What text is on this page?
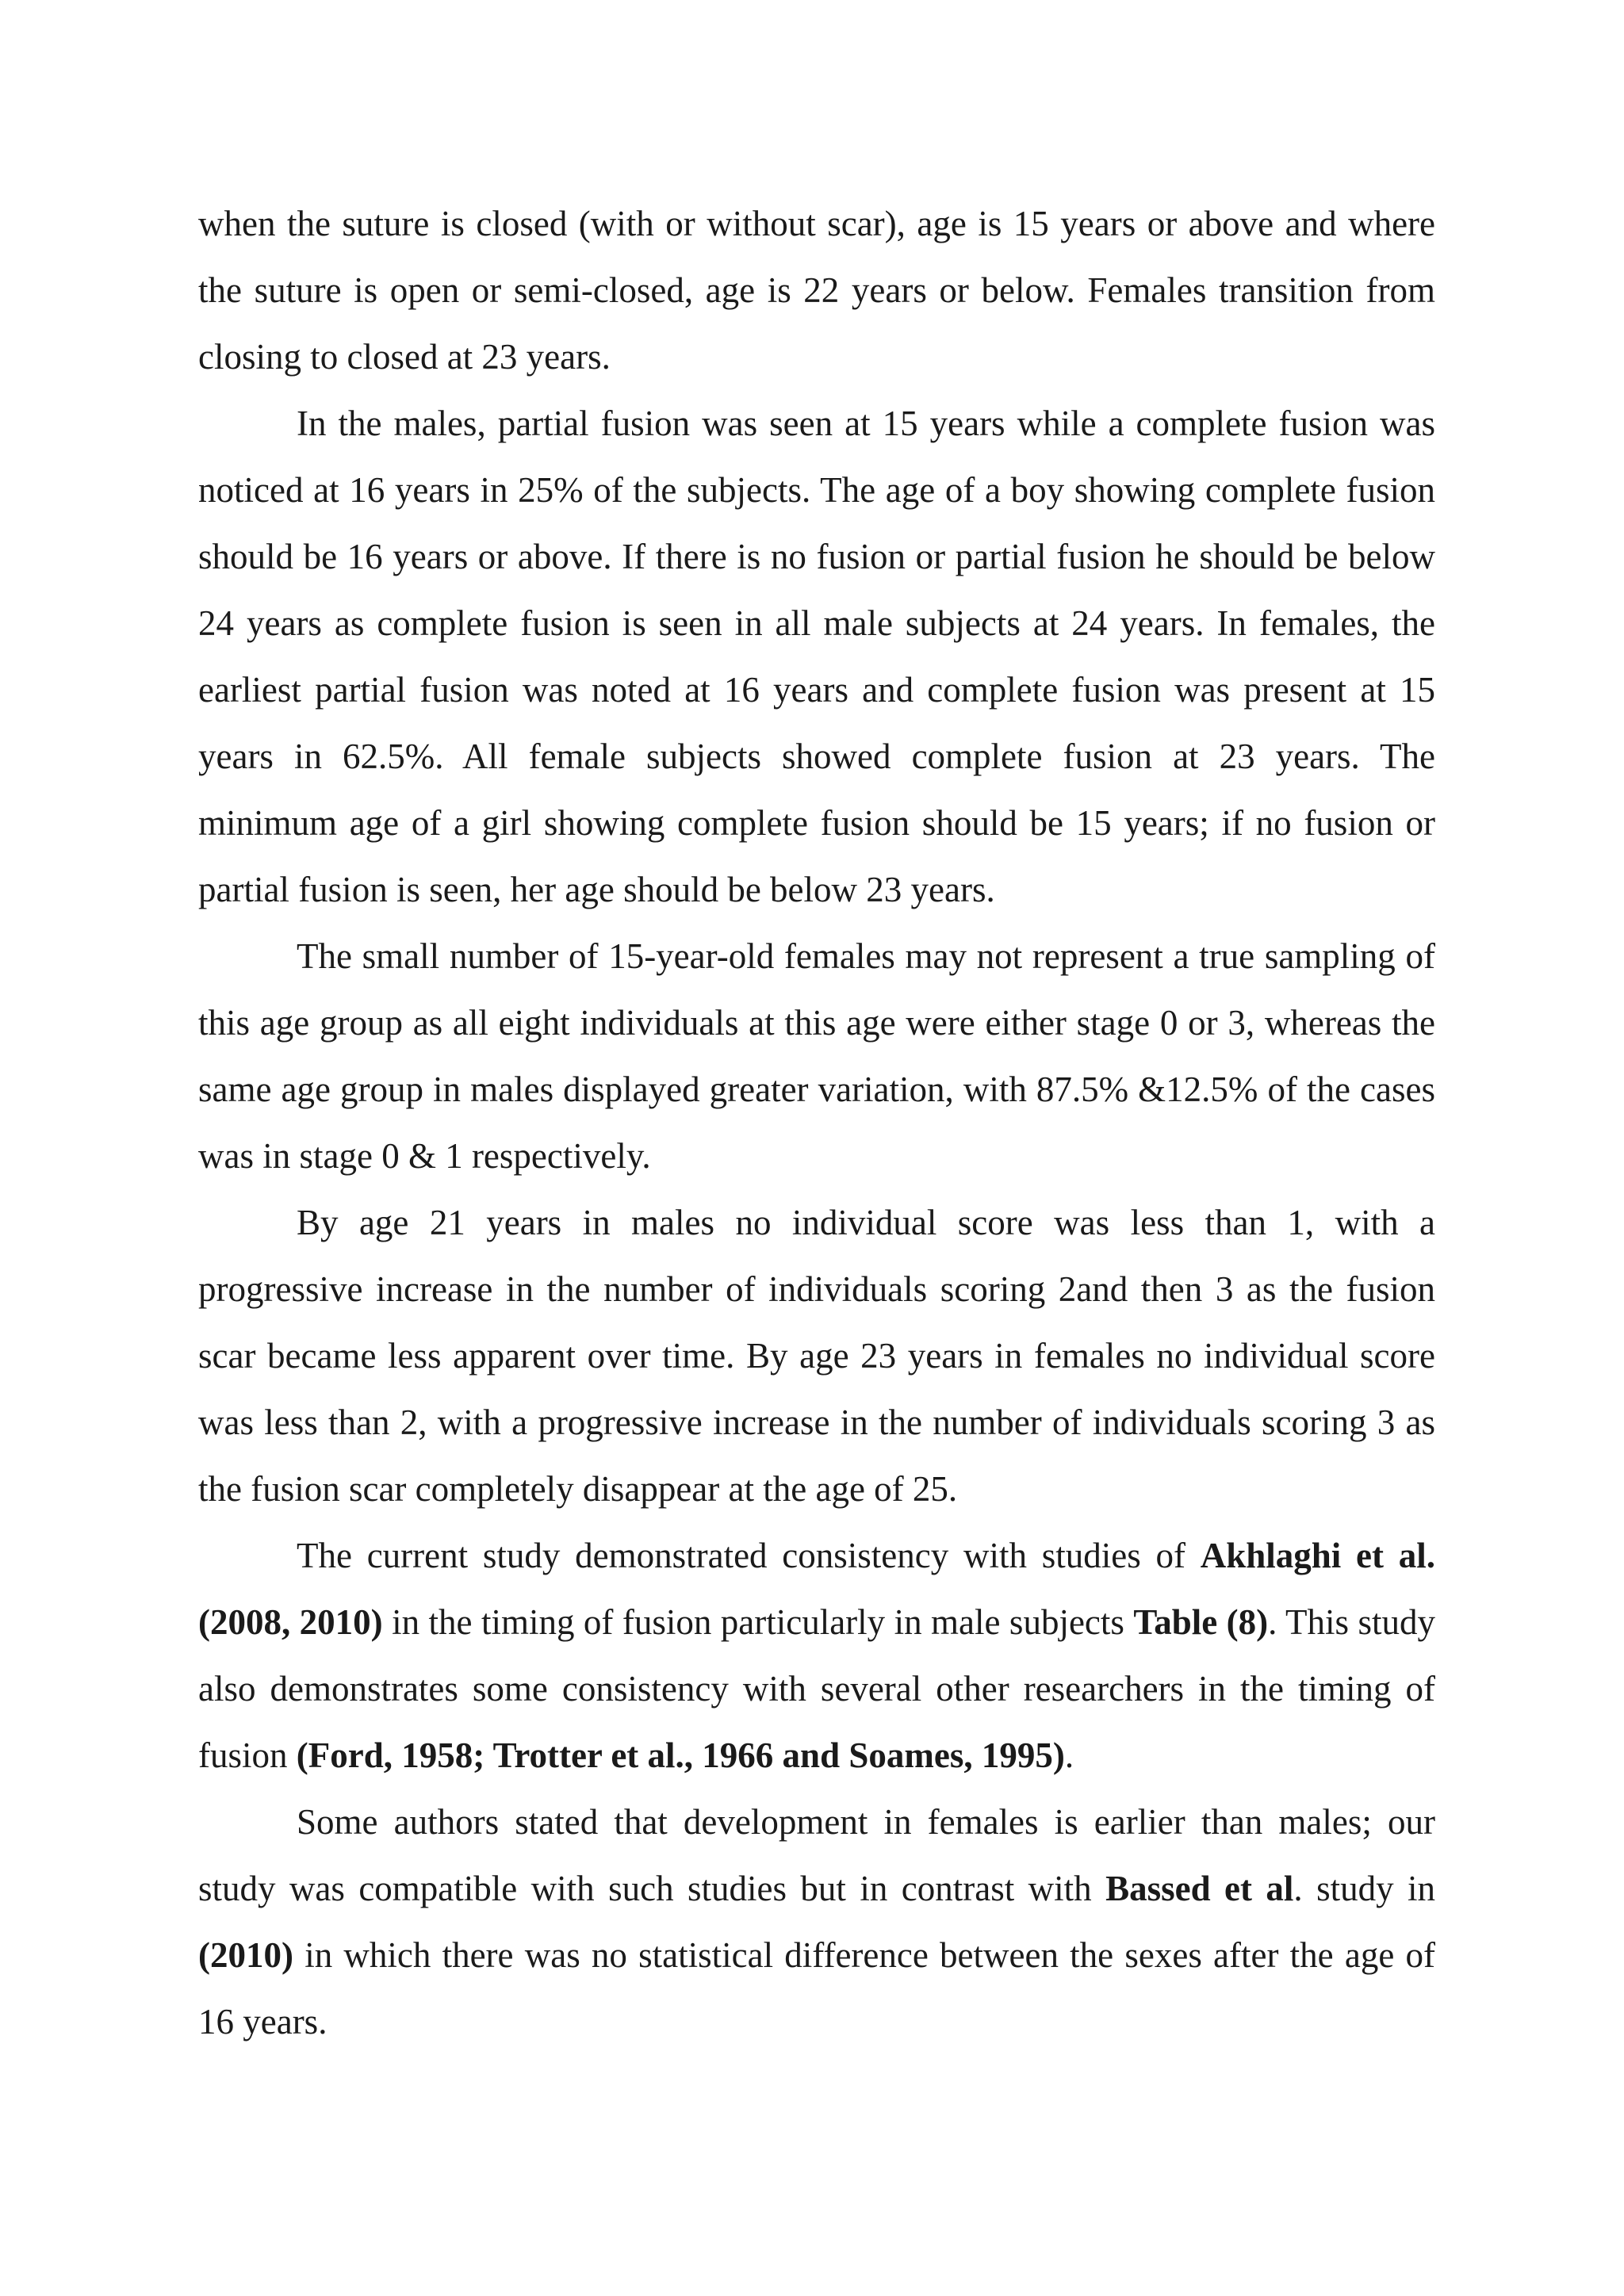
when the suture is closed (with or without scar), age is 15 years or above and where the suture is open or semi-closed, age is 22 years or below. Females transition from closing to closed at 23 years.

In the males, partial fusion was seen at 15 years while a complete fusion was noticed at 16 years in 25% of the subjects. The age of a boy showing complete fusion should be 16 years or above. If there is no fusion or partial fusion he should be below 24 years as complete fusion is seen in all male subjects at 24 years. In females, the earliest partial fusion was noted at 16 years and complete fusion was present at 15 years in 62.5%. All female subjects showed complete fusion at 23 years. The minimum age of a girl showing complete fusion should be 15 years; if no fusion or partial fusion is seen, her age should be below 23 years.

The small number of 15-year-old females may not represent a true sampling of this age group as all eight individuals at this age were either stage 0 or 3, whereas the same age group in males displayed greater variation, with 87.5% &12.5% of the cases was in stage 0 & 1 respectively.

By age 21 years in males no individual score was less than 1, with a progressive increase in the number of individuals scoring 2and then 3 as the fusion scar became less apparent over time. By age 23 years in females no individual score was less than 2, with a progressive increase in the number of individuals scoring 3 as the fusion scar completely disappear at the age of 25.

The current study demonstrated consistency with studies of Akhlaghi et al. (2008, 2010) in the timing of fusion particularly in male subjects Table (8). This study also demonstrates some consistency with several other researchers in the timing of fusion (Ford, 1958; Trotter et al., 1966 and Soames, 1995).

Some authors stated that development in females is earlier than males; our study was compatible with such studies but in contrast with Bassed et al. study in (2010) in which there was no statistical difference between the sexes after the age of 16 years.
